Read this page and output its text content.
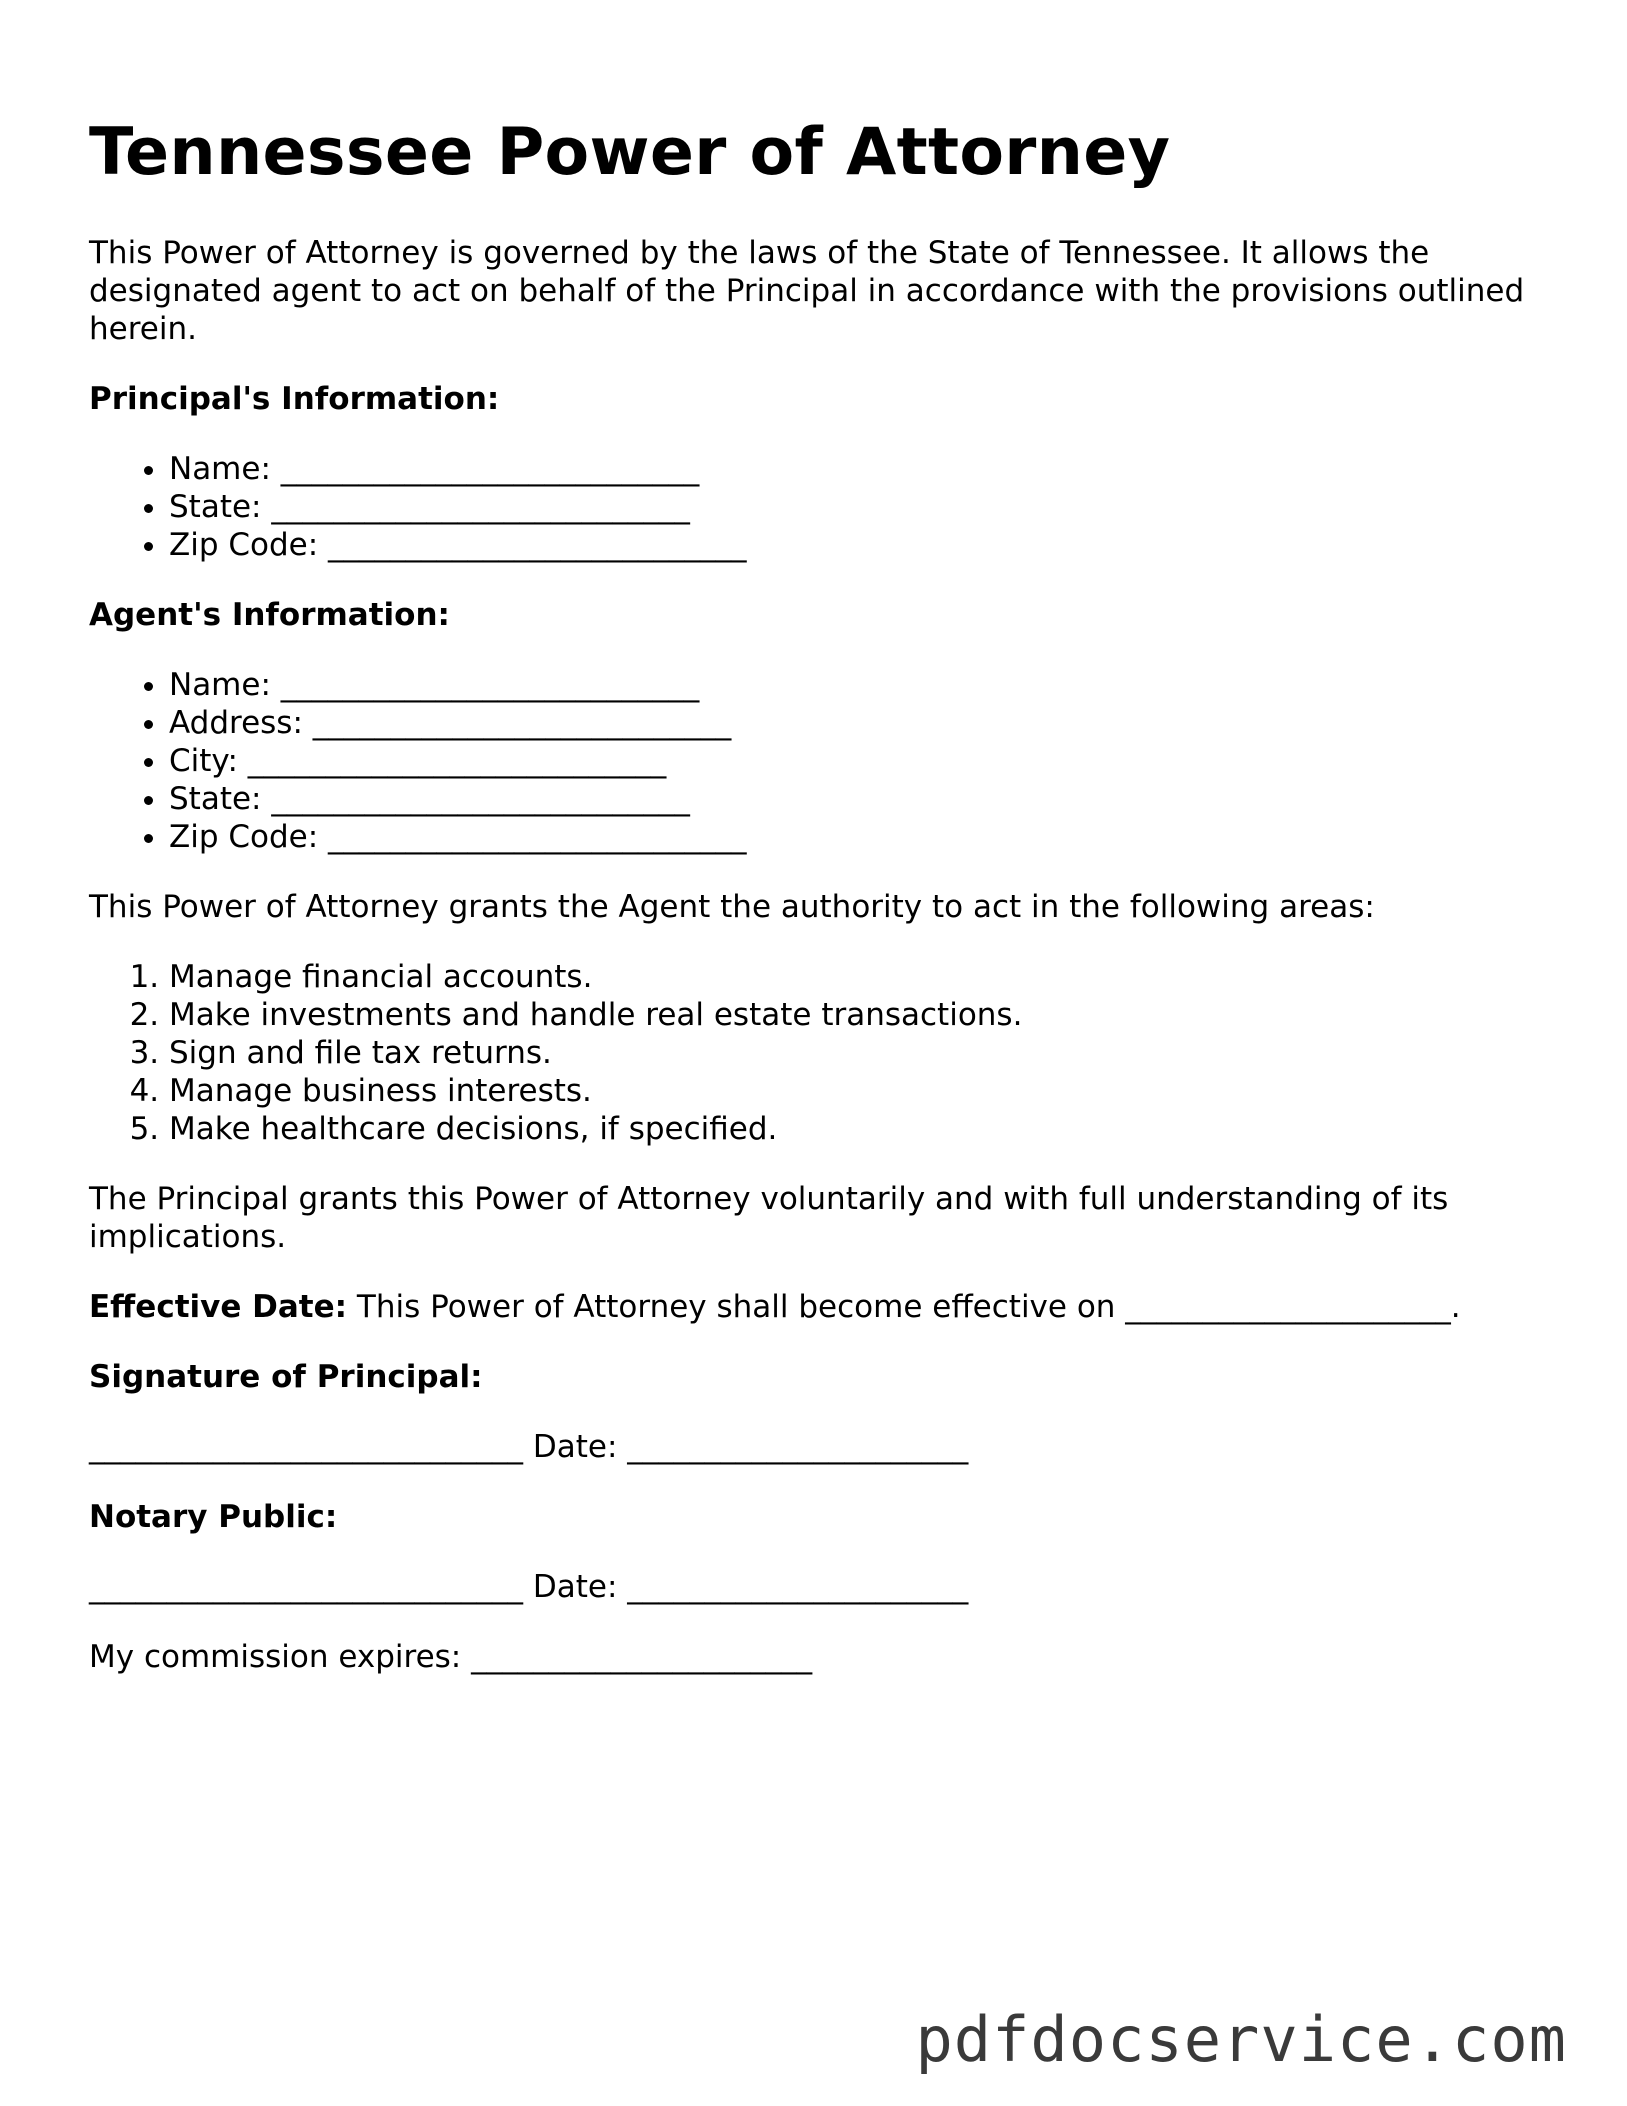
Tennessee Power of Attorney

This Power of Attorney is governed by the laws of the State of Tennessee. It allows the designated agent to act on behalf of the Principal in accordance with the provisions outlined herein.

Principal's Information:
• Name: ___________________________
• State: ___________________________
• Zip Code: ___________________________
Agent's Information:
• Name: ___________________________
• Address: ___________________________
• City: ___________________________
• State: ___________________________
• Zip Code: ___________________________

This Power of Attorney grants the Agent the authority to act in the following areas:

1. Manage financial accounts.
2. Make investments and handle real estate transactions.
3. Sign and file tax returns.
4. Manage business interests.
5. Make healthcare decisions, if specified.

The Principal grants this Power of Attorney voluntarily and with full understanding of its implications.

Effective Date: This Power of Attorney shall become effective on _____________________.

Signature of Principal:
____________________________ Date: ______________________
Notary Public:
____________________________ Date: ______________________
My commission expires: ______________________
pdfdocservice.com
